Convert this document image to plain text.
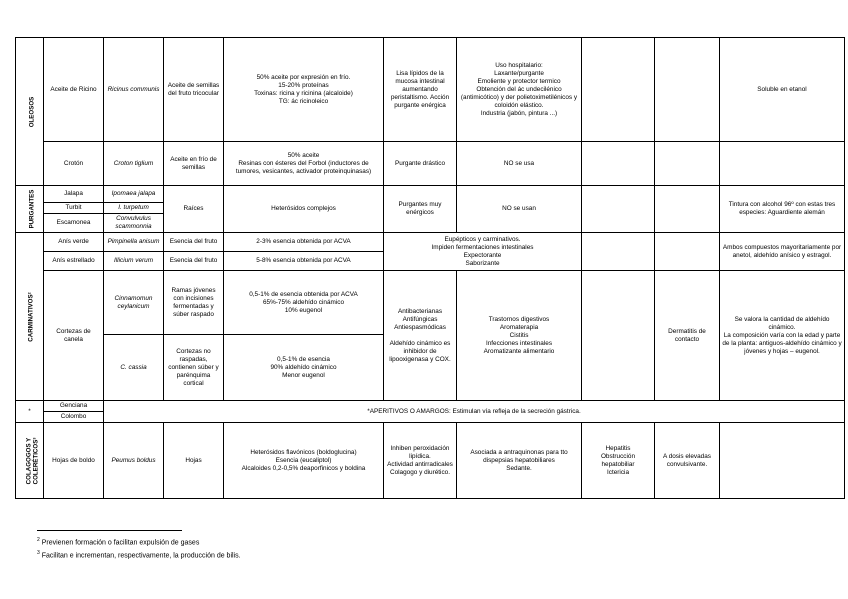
OLEOSOS	Aceite de Ricino	Ricinus communis	Aceite de semillas del fruto tricocular	50% aceite por expresión en frío.
15-20% proteínas
Toxinas: ricina y ricinina (alcaloide)
TG: ác ricinoleico	Lisa lípidos de la mucosa intestinal aumentando peristaltismo. Acción purgante enérgica	Uso hospitalario:
Laxante/purgante
Emoliente y protector termico
Obtención del ác undecilénico (antimicótico) y der polietoximetilénicos y coloidón elástico.
Industria (jabón, pintura ...)			Soluble en etanol
	Crotón	Croton tiglium	Aceite en frío de semillas	50% aceite
Resinas con ésteres del Forbol (inductores de tumores, vesicantes, activador proteinquinasas)	Purgante drástico	NO se usa			

PURGANTES	Jalapa	Ipomaea jalapa	Raíces	Heterósidos complejos	Purgantes muy enérgicos	NO se usan			Tintura con alcohol 96º con estas tres especies: Aguardiente alemán
	Turbit	I. turpetum							
	Escamonea	Convulvulus scammonnia							

CARMINATIVOS²	Anís verde	Pimpinella anisum	Esencia del fruto	2-3% esencia obtenida por ACVA	Eupépticos y carminativos.
Impiden fermentaciones intestinales
Expectorante
Saborizante				Ambos compuestos mayoritariamente por anetol, aldehído anísico y estragol.
	Anís estrellado	Illicium verum	Esencia del fruto	5-8% esencia obtenida por ACVA					
	Cortezas de canela	Cinnamomun ceylanicum	Ramas jóvenes con incisiones fermentadas y súber raspado	0,5-1% de esencia obtenida por ACVA
65%-75% aldehído cinámico
10% eugenol	Antibacterianas
Antifúngicas
Antiespasmódicas

Aldehído cinámico es inhibidor de lipooxigenasa y COX.	Trastornos digestivos
Aromaterapia
Cistitis
Infecciones intestinales
Aromatizante alimentario		Dermatitis de contacto	Se valora la cantidad de aldehído cinámico.
La composición varía con la edad y parte de la planta: antiguos-aldehído cinámico y jóvenes y hojas – eugenol.
		C. cassia	Cortezas no raspadas, contienen súber y parénquima cortical	0,5-1% de esencia
90% aldehído cinámico
Menor eugenol					
*	Genciana	*APERITIVOS O AMARGOS: Estimulan vía refleja de la secreción gástrica.							
	Colombo								

COLAGOGOS Y COLERÉTICOS³	Hojas de boldo	Peumus boldus	Hojas	Heterósidos flavónicos (boldoglucina)
Esencia (eucaliptol)
Alcaloides 0,2-0,5% deaporfinicos y boldina	Inhiben peroxidación lipídica.
Actividad antirradicales
Colagogo y diurético.	Asociada a antraquinonas para tto dispepsias hepatobiliares
Sedante.	Hepatitis
Obstrucción hepatobiliar
Ictericia	A dosis elevadas convulsivante.	
$^2$ Previenen formación o facilitan expulsión de gases
$^3$ Facilitan e incrementan, respectivamente, la producción de bilis.
